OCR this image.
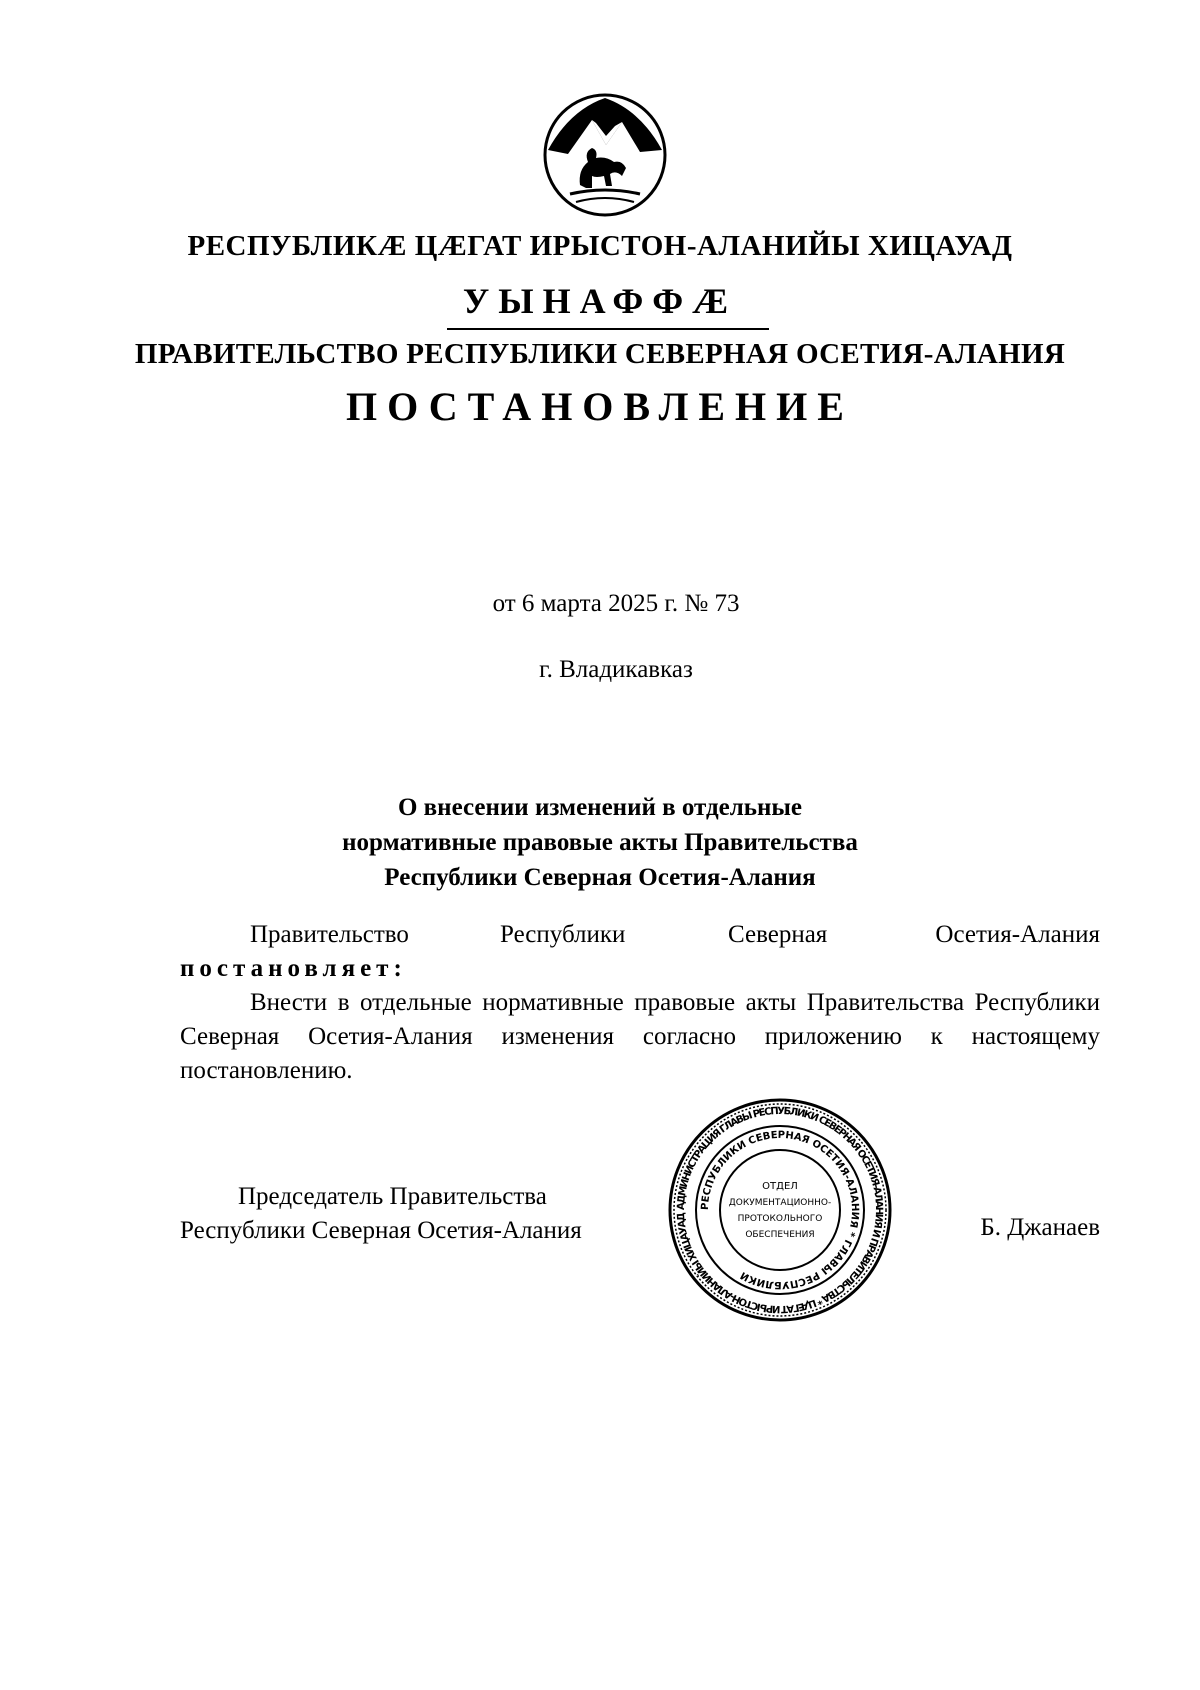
РЕСПУБЛИКӔ ЦӔГАТ ИРЫСТОН-АЛАНИЙЫ ХИЦАУАД
УЫНАФФӔ
ПРАВИТЕЛЬСТВО РЕСПУБЛИКИ СЕВЕРНАЯ ОСЕТИЯ-АЛАНИЯ
ПОСТАНОВЛЕНИЕ
от 6 марта 2025 г. № 73
г. Владикавказ
О внесении изменений в отдельные
нормативные правовые акты Правительства
Республики Северная Осетия-Алания
Правительство	Республики	Северная	Осетия-Алания
постановляет:
Внести в отдельные нормативные правовые акты Правительства Республики Северная Осетия-Алания изменения согласно приложению к настоящему постановлению.
Председатель Правительства
Республики Северная Осетия-Алания	Б. Джанаев
АДМИНИСТРАЦИЯ ГЛАВЫ РЕСПУБЛИКИ СЕВЕРНАЯ ОСЕТИЯ-АЛАНИЯ И ПРАВИТЕЛЬСТВА * ЦӔГАТ ИРЫСТОН-АЛАНИЙЫ ХИЦАУАД
РЕСПУБЛИКИ СЕВЕРНАЯ ОСЕТИЯ-АЛАНИЯ * ГЛАВЫ РЕСПУБЛИКИ
ОТДЕЛ
ДОКУМЕНТАЦИОННО-
ПРОТОКОЛЬНОГО
ОБЕСПЕЧЕНИЯ
